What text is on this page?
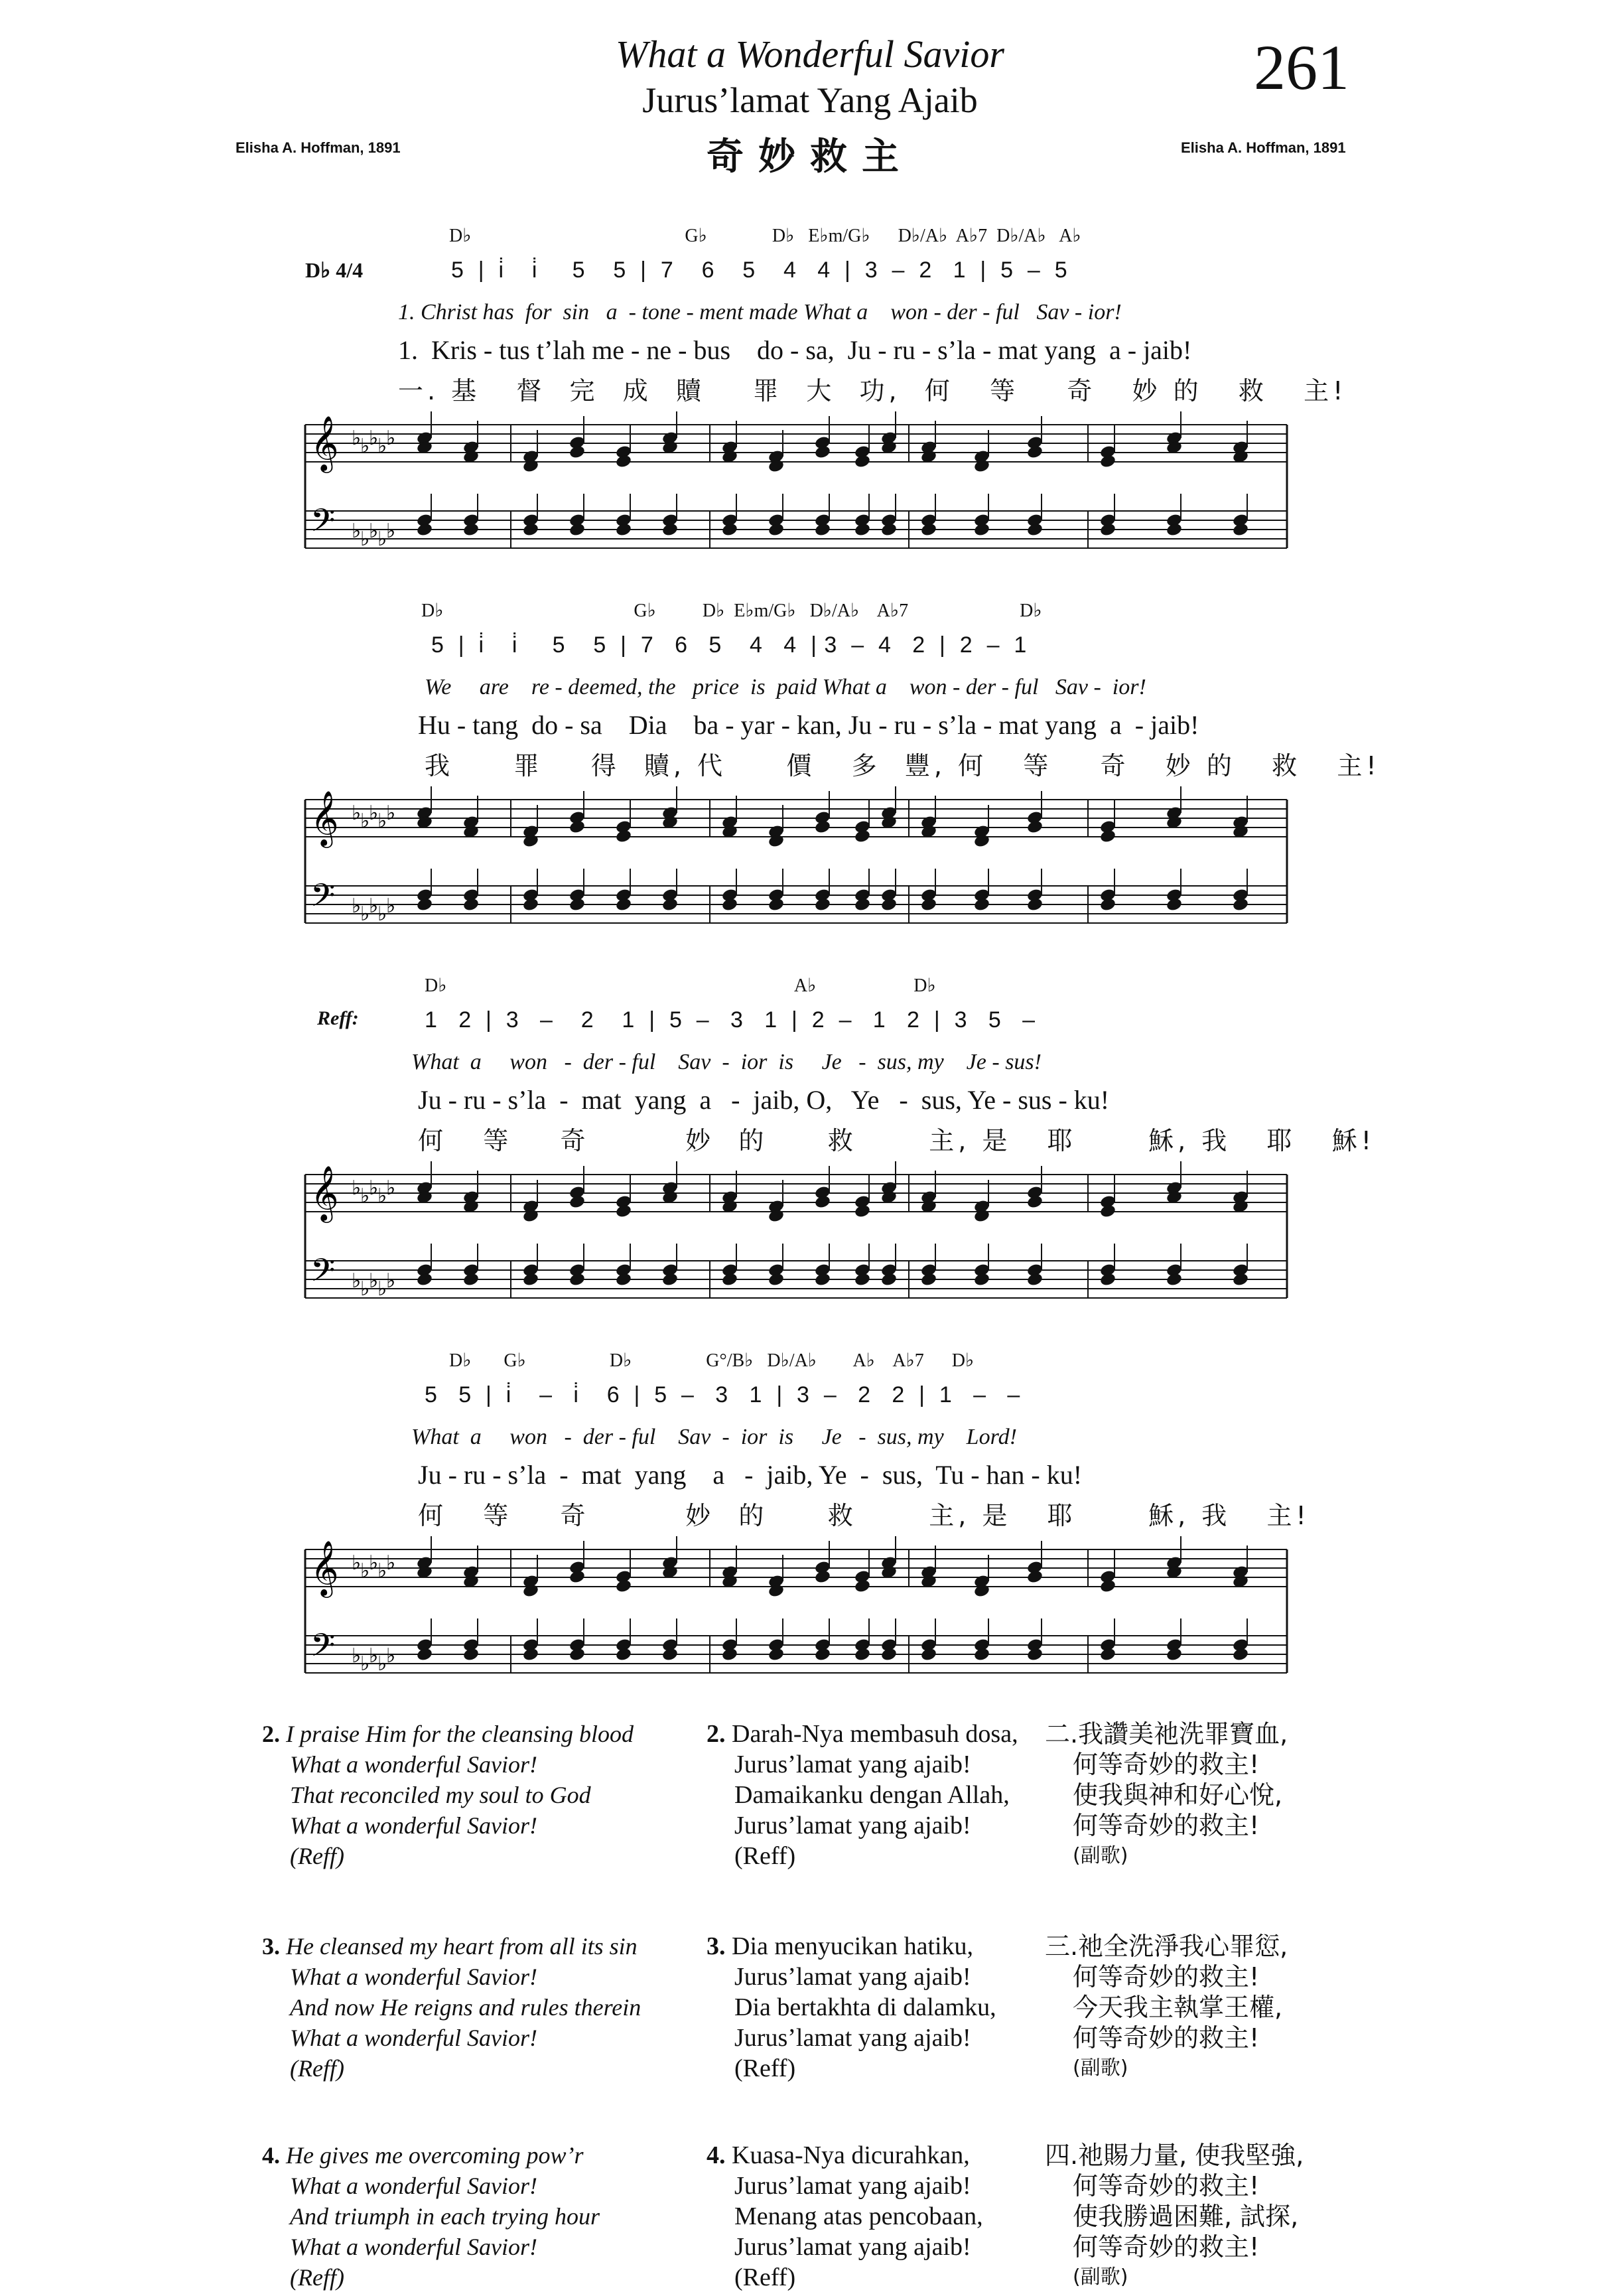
What a Wonderful Savior
Jurus’lamat Yang Ajaib
奇妙救主
261
Elisha A. Hoffman, 1891	Elisha A. Hoffman, 1891
D♭ 4/4
D♭                                              G♭              D♭   E♭m/G♭      D♭/A♭  A♭7  D♭/A♭   A♭
5  |  i̇    i̇     5    5  |  7    6    5    4   4  |  3  –  2   1  |  5  –  5
1. Christ has  for  sin   a  - tone - ment made What a    won - der - ful   Sav - ior!
1.  Kris - tus t’lah me - ne - bus    do - sa,  Ju - ru - s’la - mat yang  a - jaib!
一. 基   督  完  成  贖    罪  大  功,  何   等    奇   妙 的   救   主!
𝄞
𝄢
♭
♭
♭
♭
♭
♭
♭
♭
♭
♭
D♭                                         G♭          D♭  E♭m/G♭   D♭/A♭    A♭7                        D♭
5  |  i̇    i̇     5    5  |  7   6   5    4   4  | 3  –  4   2  |  2  –  1
We     are    re - deemed, the   price  is  paid What a    won - der - ful   Sav -  ior!
Hu - tang  do - sa    Dia    ba - yar - kan, Ju - ru - s’la - mat yang  a  - jaib!
我     罪    得  贖, 代     價   多  豐, 何   等    奇   妙 的   救   主!
𝄞
𝄢
♭
♭
♭
♭
♭
♭
♭
♭
♭
♭
Reff:
D♭                                                                           A♭                     D♭
1   2  |  3   –    2    1  |  5  –   3   1  |  2  –   1   2  |  3   5   –
What  a     won   -  der - ful    Sav  -  ior  is     Je   -  sus, my    Je - sus!
Ju - ru - s’la  -  mat  yang  a   -  jaib, O,   Ye   -  sus, Ye - sus - ku!
何   等    奇        妙  的     救      主, 是   耶      穌, 我   耶   穌!
𝄞
𝄢
♭
♭
♭
♭
♭
♭
♭
♭
♭
♭
D♭       G♭                  D♭                G°/B♭   D♭/A♭        A♭    A♭7      D♭
5   5  |  i̇    –   i̇    6  |  5  –   3   1  |  3  –   2   2  |  1   –   –
What  a     won   -  der - ful    Sav  -  ior  is     Je   -  sus, my    Lord!
Ju - ru - s’la  -  mat  yang    a   -  jaib, Ye  -  sus,  Tu - han - ku!
何   等    奇        妙  的     救      主, 是   耶      穌, 我   主!
𝄞
𝄢
♭
♭
♭
♭
♭
♭
♭
♭
♭
♭
2. I praise Him for the cleansing blood
What a wonderful Savior!
That reconciled my soul to God
What a wonderful Savior!
(Reff)
2. Darah-Nya membasuh dosa,
Jurus’lamat yang ajaib!
Damaikanku dengan Allah,
Jurus’lamat yang ajaib!
(Reff)
二.我讚美祂洗罪寶血,
何等奇妙的救主!
使我與神和好心悅,
何等奇妙的救主!
(副歌)
3. He cleansed my heart from all its sin
What a wonderful Savior!
And now He reigns and rules therein
What a wonderful Savior!
(Reff)
3. Dia menyucikan hatiku,
Jurus’lamat yang ajaib!
Dia bertakhta di dalamku,
Jurus’lamat yang ajaib!
(Reff)
三.祂全洗淨我心罪愆,
何等奇妙的救主!
今天我主執掌王權,
何等奇妙的救主!
(副歌)
4. He gives me overcoming pow’r
What a wonderful Savior!
And triumph in each trying hour
What a wonderful Savior!
(Reff)
4. Kuasa-Nya dicurahkan,
Jurus’lamat yang ajaib!
Menang atas pencobaan,
Jurus’lamat yang ajaib!
(Reff)
四.祂賜力量, 使我堅強,
何等奇妙的救主!
使我勝過困難, 試探,
何等奇妙的救主!
(副歌)
